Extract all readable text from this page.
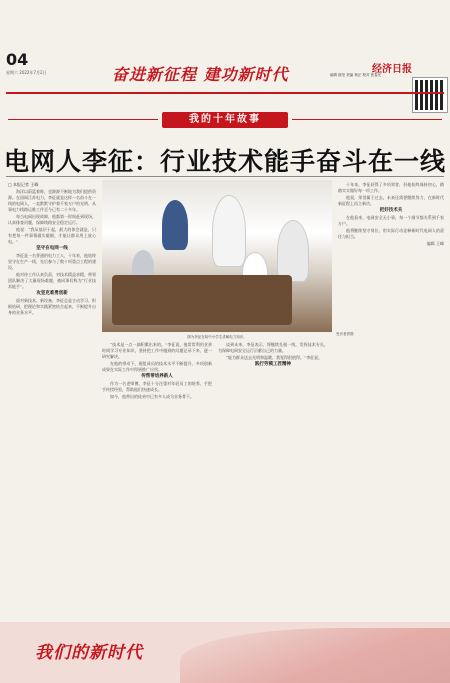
04
星期六 2022年7月2日	奋进新征程 建功新时代	经济日报
编辑 薛莹 美编 杨正 校对 张春光
我的十年故事
电网人李征：行业技术能手奋斗在一线

□ 本报记者 王峰

海洋以蔚蓝着称，也源源不断地为我们提供资源。在国网江苏电力，李征就是这样一名奋斗在一线的电网人，一直默默守护着千家万户的光明，从事电力线路运维工作至今已有二十多年。

每当电网出现故障，他都第一时间赶到现场，认真排查问题，保障线路安全稳定运行。

他说：“我从基层干起，最大的体会就是，只有把每一件事情做实做细，才能让群众用上放心电。”

坚守在电网一线

李征是一名普通的电力工人，十年来，他始终坚守在生产一线，先后参与了数十项重点工程的建设。

他对待工作认真负责，对技术精益求精，带领团队解决了大量现场难题，被同事们称为“行业技术能手”。

攻坚克难勇创新

面对新技术、新设备，李征总是主动学习、积极钻研，把理论和实践紧密结合起来，不断提升自身的业务水平。

图为李征在给中小学生讲解电力知识。
受访者供图

“技术是一点一滴积累出来的。”李征说，他常常利用业余时间学习专业知识，坚持把工作中遇到的问题记录下来，逐一研究解决。

在他的带动下，班组成员的技术水平不断提升，多项创新成果在实际工作中得到推广应用。

传帮带培养新人

作为一名老师傅，李征十分注重对年轻员工的培养，手把手传授经验，帮助他们快速成长。

如今，他带出的徒弟中已有多人成为业务骨干。

谈到未来，李征表示，将继续扎根一线，发挥技术专长，为保障电网安全运行贡献自己的力量。

“能为群众送去光明和温暖，我觉得很值得。”李征说。

践行劳模工匠精神

十年来，李征获得了多项荣誉，但他始终保持初心，踏踏实实做好每一项工作。

他说，荣誉属于过去，未来还需要继续努力，在新时代新征程上再立新功。

把好技术关

在他看来，电网安全无小事，每一个细节都关系到千家万户。

他将继续坚守岗位，用实际行动诠释新时代电网人的责任与担当。

编辑 王峰

我们的新时代
